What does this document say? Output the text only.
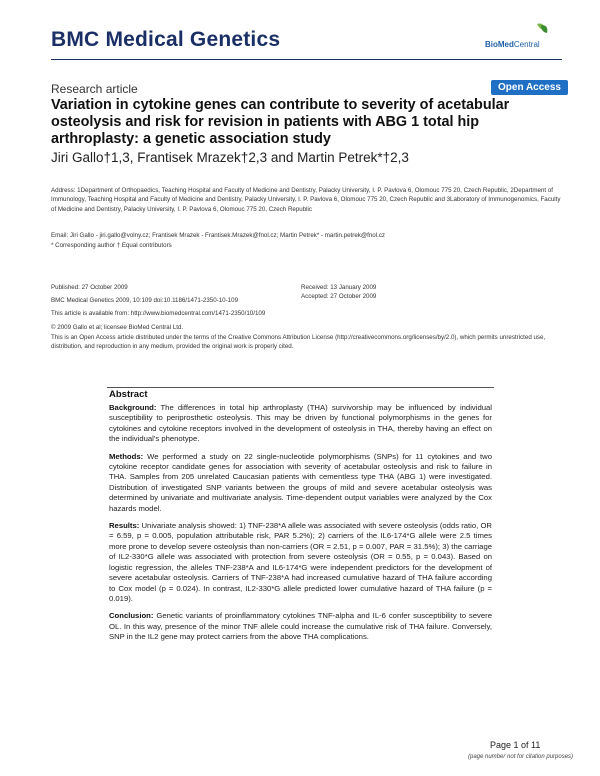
BMC Medical Genetics	BioMedCentral
Research article	Open Access
Variation in cytokine genes can contribute to severity of acetabular osteolysis and risk for revision in patients with ABG 1 total hip arthroplasty: a genetic association study
Jiri Gallo†1,3, Frantisek Mrazek†2,3 and Martin Petrek*†2,3
Address: 1Department of Orthopaedics, Teaching Hospital and Faculty of Medicine and Dentistry, Palacky University, I. P. Pavlova 6, Olomouc 775 20, Czech Republic, 2Department of Immunology, Teaching Hospital and Faculty of Medicine and Dentistry, Palacky University, I. P. Pavlova 6, Olomouc 775 20, Czech Republic and 3Laboratory of Immunogenomics, Faculty of Medicine and Dentistry, Palacky University, I. P. Pavlova 6, Olomouc 775 20, Czech Republic
Email: Jiri Gallo - jiri.gallo@volny.cz; Frantisek Mrazek - Frantisek.Mrazek@fnol.cz; Martin Petrek* - martin.petrek@fnol.cz
* Corresponding author † Equal contributors
Published: 27 October 2009	Received: 13 January 2009
Accepted: 27 October 2009
BMC Medical Genetics 2009, 10:109 doi:10.1186/1471-2350-10-109
This article is available from: http://www.biomedcentral.com/1471-2350/10/109
© 2009 Gallo et al; licensee BioMed Central Ltd.
This is an Open Access article distributed under the terms of the Creative Commons Attribution License (http://creativecommons.org/licenses/by/2.0), which permits unrestricted use, distribution, and reproduction in any medium, provided the original work is properly cited.
Abstract

Background: The differences in total hip arthroplasty (THA) survivorship may be influenced by individual susceptibility to periprosthetic osteolysis. This may be driven by functional polymorphisms in the genes for cytokines and cytokine receptors involved in the development of osteolysis in THA, thereby having an effect on the individual's phenotype.

Methods: We performed a study on 22 single-nucleotide polymorphisms (SNPs) for 11 cytokines and two cytokine receptor candidate genes for association with severity of acetabular osteolysis and risk to failure in THA. Samples from 205 unrelated Caucasian patients with cementless type THA (ABG 1) were investigated. Distribution of investigated SNP variants between the groups of mild and severe acetabular osteolysis was determined by univariate and multivariate analysis. Time-dependent output variables were analyzed by the Cox hazards model.

Results: Univariate analysis showed: 1) TNF-238*A allele was associated with severe osteolysis (odds ratio, OR = 6.59, p = 0.005, population attributable risk, PAR 5.2%); 2) carriers of the IL6-174*G allele were 2.5 times more prone to develop severe osteolysis than non-carriers (OR = 2.51, p = 0.007, PAR = 31.5%); 3) the carriage of IL2-330*G allele was associated with protection from severe osteolysis (OR = 0.55, p = 0.043). Based on logistic regression, the alleles TNF-238*A and IL6-174*G were independent predictors for the development of severe acetabular osteolysis. Carriers of TNF-238*A had increased cumulative hazard of THA failure according to Cox model (p = 0.024). In contrast, IL2-330*G allele predicted lower cumulative hazard of THA failure (p = 0.019).

Conclusion: Genetic variants of proinflammatory cytokines TNF-alpha and IL-6 confer susceptibility to severe OL. In this way, presence of the minor TNF allele could increase the cumulative risk of THA failure. Conversely, SNP in the IL2 gene may protect carriers from the above THA complications.

Page 1 of 11
(page number not for citation purposes)
